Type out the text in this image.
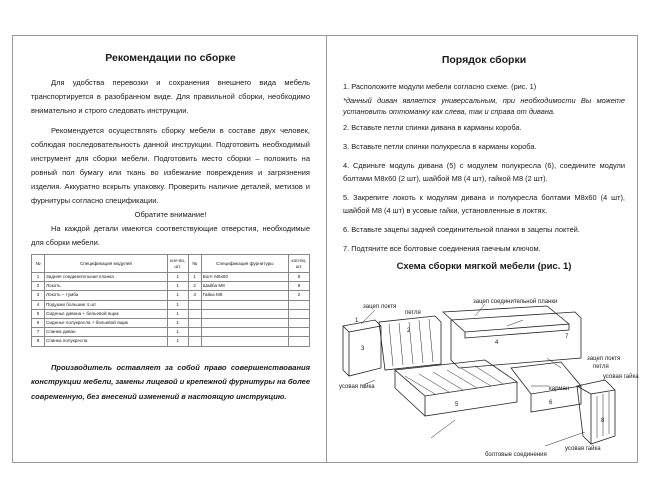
Рекомендации по сборке

Для удобства перевозки и сохранения внешнего вида мебель транспортируется в разобранном виде. Для правильной сборки, необходимо внимательно и строго следовать инструкции.

Рекомендуется осуществлять сборку мебели в составе двух человек, соблюдая последовательность данной инструкции. Подготовить необходимый инструмент для сборки мебели. Подготовить место сборки – положить на ровный пол бумагу или ткань во избежание повреждения и загрязнения изделия. Аккуратно вскрыть упаковку. Проверить наличие деталей, метизов и фурнитуры согласно спецификации.

Обратите внимание!

На каждой детали имеются соответствующие отверстия, необходимые для сборки мебели.

№	Спецификация модулей	кол-во, шт.	№	Спецификация фурнитуры	кол-во, шт.
1	Задняя соединительная планка	1	1	Болт М8х60	6
2	Локоть	1	2	Шайба М8	8
3	Локоть – тумба	1	3	Гайка М8	2
4	Подушки большие 4 шт	1			
5	Сиденье дивана + бельевой ящик	1			
6	Сиденье полукресла + бельевой ящик	1			
7	Спинка диван	1			
8	Спинка полукресла	1			

Производитель оставляет за собой право совершенствования конструкции мебели, замены лицевой и крепежной фурнитуры на более современную, без внесений изменений в настоящую инструкцию.

Порядок сборки

1. Расположите модули мебели согласно схеме. (рис. 1)

*данный диван является универсальным, при необходимости Вы можете установить оттоманку как слева, так и справа от дивана.

2. Вставьте петли спинки дивана в карманы короба.

3. Вставьте петли спинки полукресла в карманы короба.

4. Сдвиньте модуль дивана (5) с модулем полукресла (6), соедините модули болтами М8х60 (2 шт), шайбой М8 (4 шт), гайкой М8 (2 шт).

5. Закрепите локоть к модулям дивана и полукресла болтами М8х60 (4 шт), шайбой М8 (4 шт) в усовые гайки, установленные в локтях.

6. Вставьте зацепы задней соединительной планки в зацепы локтей.

7. Подтяните все болтовые соединения гаечным ключом.

Схема сборки мягкой мебели (рис. 1)
зацеп локтя
зацеп соединительной планки
петля
зацеп локтя
петля
карман
усовая гайка
усовая гайка
усовая гайка
болтовые соединения
1
2
3
4
5	6
7
8
